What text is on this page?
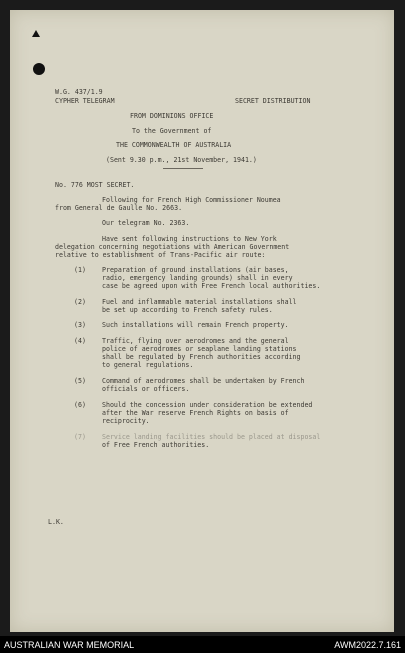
W.G. 437/1.9
CYPHER TELEGRAM	SECRET DISTRIBUTION
FROM DOMINIONS OFFICE
To the Government of
THE COMMONWEALTH OF AUSTRALIA
(Sent 9.30 p.m., 21st November, 1941.)
No. 776 MOST SECRET.
Following for French High Commissioner Noumea
from General de Gaulle No. 2663.
Our telegram No. 2363.
Have sent following instructions to New York
delegation concerning negotiations with American Government
relative to establishment of Trans-Pacific air route:
(1) Preparation of ground installations (air bases,
radio, emergency landing grounds) shall in every
case be agreed upon with Free French local authorities.
(2) Fuel and inflammable material installations shall
be set up according to French safety rules.
(3) Such installations will remain French property.
(4) Traffic, flying over aerodromes and the general
police of aerodromes or seaplane landing stations
shall be regulated by French authorities according
to general regulations.
(5) Command of aerodromes shall be undertaken by French
officials or officers.
(6) Should the concession under consideration be extended
after the War reserve French Rights on basis of
reciprocity.
(7) Service landing facilities should be placed at disposal
of Free French authorities.
L.K.
AUSTRALIAN WAR MEMORIAL	AWM2022.7.161
